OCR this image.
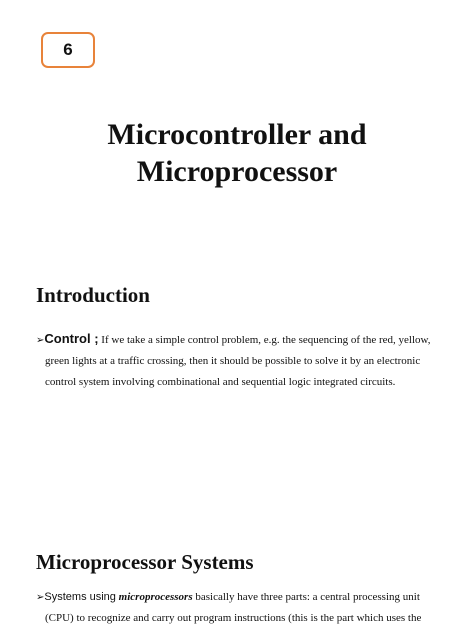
6
Microcontroller and
Microprocessor
Introduction
➢Control ; If we take a simple control problem, e.g. the sequencing of the red, yellow,
green lights at a traffic crossing, then it should be possible to solve it by an electronic
control system involving combinational and sequential logic integrated circuits.
Microprocessor Systems
➢Systems using microprocessors basically have three parts: a central processing unit
(CPU) to recognize and carry out program instructions (this is the part which uses the
